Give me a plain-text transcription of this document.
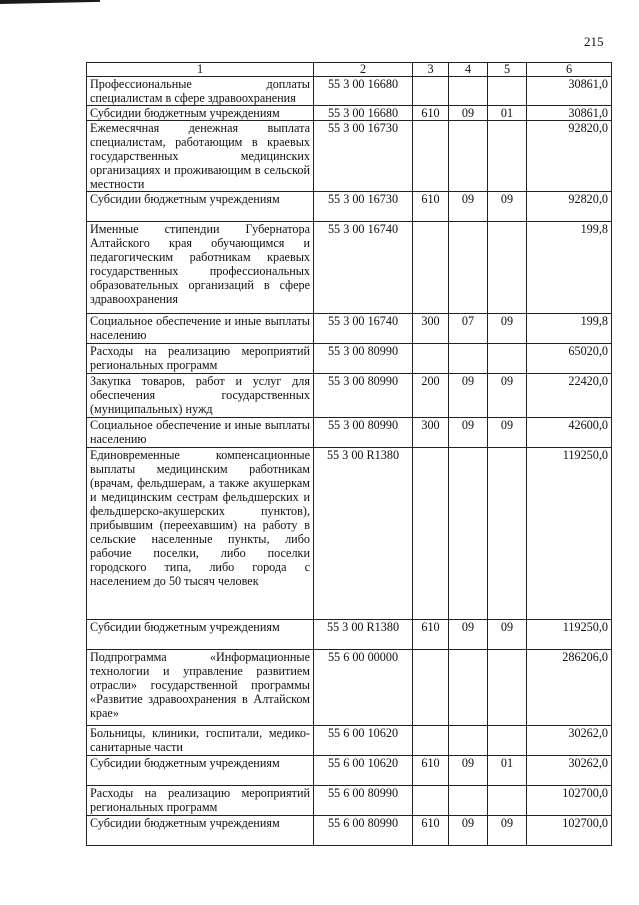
215
1	2	3	4	5	6
Профессиональные доплаты специалистам в сфере здравоохранения	55 3 00 16680				30861,0
Субсидии бюджетным учреждениям	55 3 00 16680	610	09	01	30861,0
Ежемесячная денежная выплата специалистам, работающим в краевых государственных медицинских организациях и проживающим в сельской местности	55 3 00 16730				92820,0
Субсидии бюджетным учреждениям	55 3 00 16730	610	09	09	92820,0
Именные стипендии Губернатора Алтайского края обучающимся и педагогическим работникам краевых государственных профессиональных образовательных организаций в сфере здравоохранения	55 3 00 16740				199,8
Социальное обеспечение и иные выплаты населению	55 3 00 16740	300	07	09	199,8
Расходы на реализацию мероприятий региональных программ	55 3 00 80990				65020,0
Закупка товаров, работ и услуг для обеспечения государственных (муниципальных) нужд	55 3 00 80990	200	09	09	22420,0
Социальное обеспечение и иные выплаты населению	55 3 00 80990	300	09	09	42600,0
Единовременные компенсационные выплаты медицинским работникам (врачам, фельдшерам, а также акушеркам и медицинским сестрам фельдшерских и фельдшерско-акушерских пунктов), прибывшим (переехавшим) на работу в сельские населенные пункты, либо рабочие поселки, либо поселки городского типа, либо города с населением до 50 тысяч человек	55 3 00 R1380				119250,0
Субсидии бюджетным учреждениям	55 3 00 R1380	610	09	09	119250,0
Подпрограмма «Информационные технологии и управление развитием отрасли» государственной программы «Развитие здравоохранения в Алтайском крае»	55 6 00 00000				286206,0
Больницы, клиники, госпитали, медико-санитарные части	55 6 00 10620				30262,0
Субсидии бюджетным учреждениям	55 6 00 10620	610	09	01	30262,0
Расходы на реализацию мероприятий региональных программ	55 6 00 80990				102700,0
Субсидии бюджетным учреждениям	55 6 00 80990	610	09	09	102700,0
